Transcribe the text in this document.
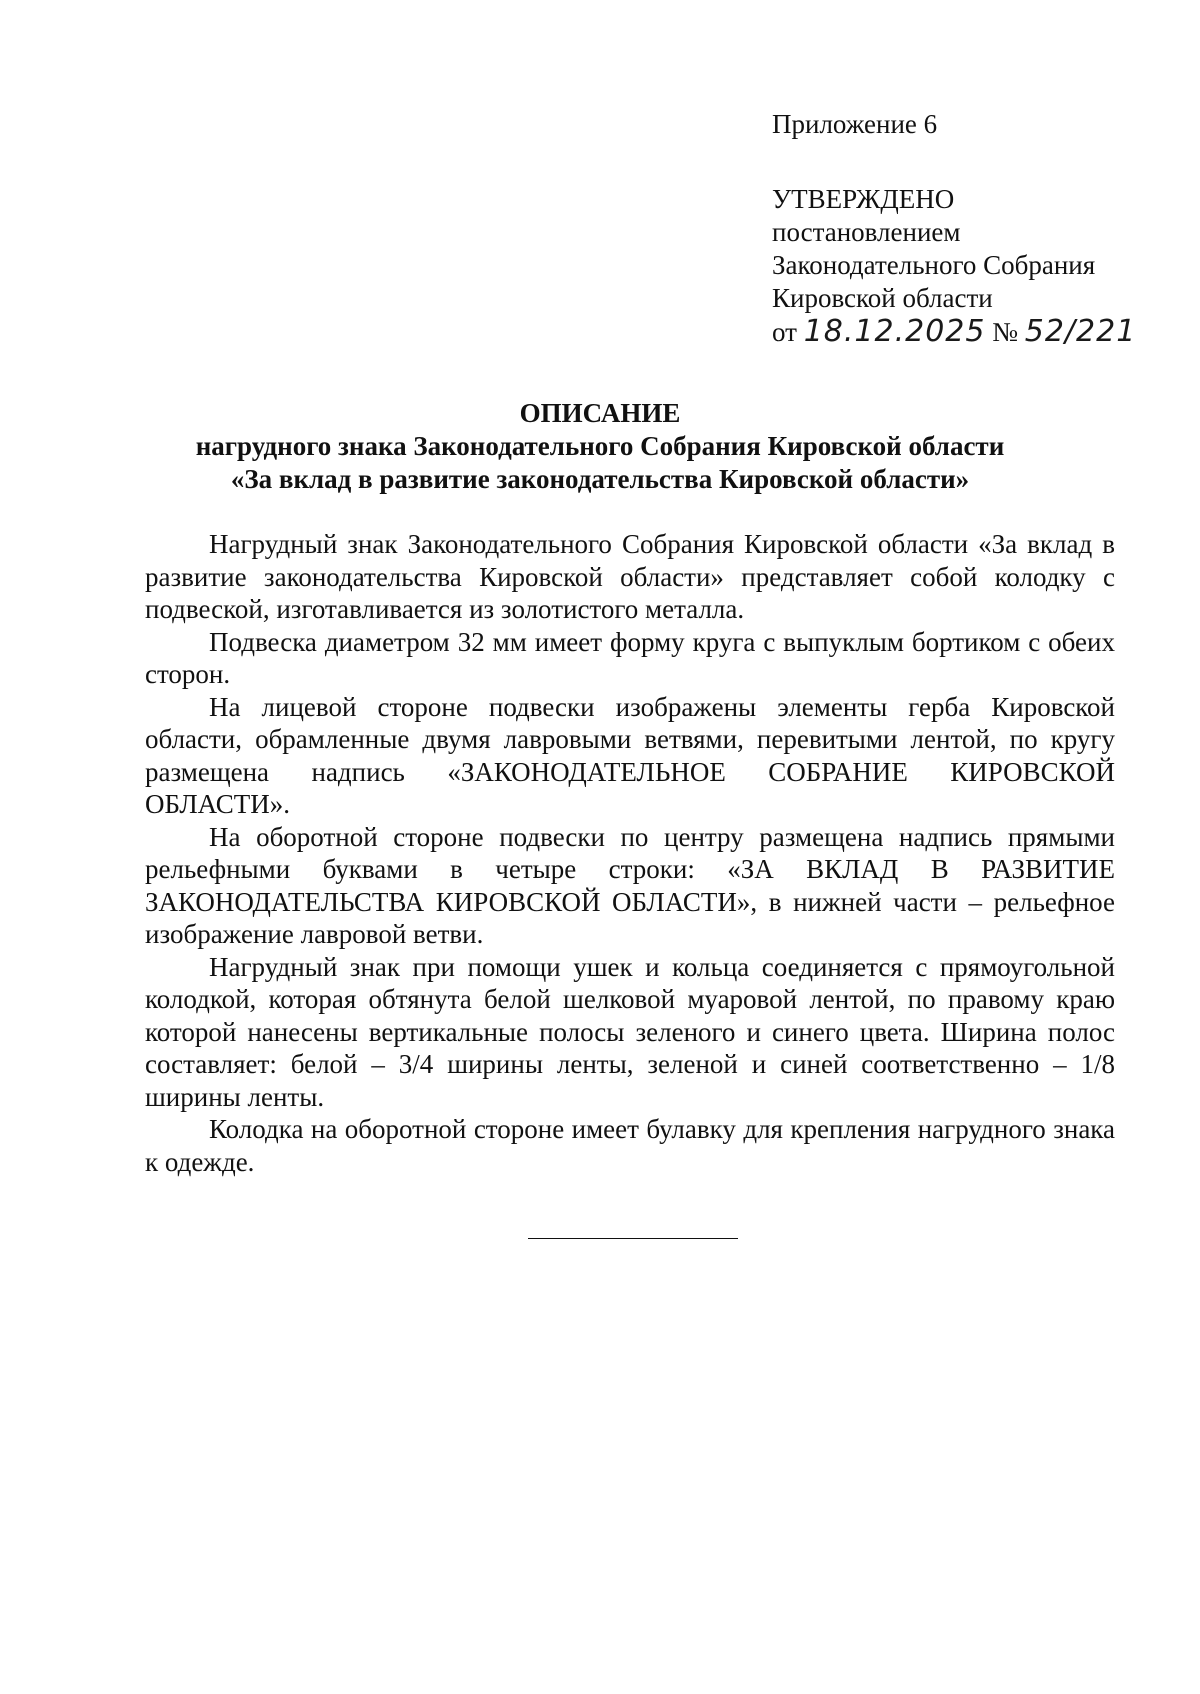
Приложение 6
УТВЕРЖДЕНО
постановлением
Законодательного Собрания
Кировской области
от 18.12.2025 № 52/221
ОПИСАНИЕ
нагрудного знака Законодательного Собрания Кировской области
«За вклад в развитие законодательства Кировской области»

Нагрудный знак Законодательного Собрания Кировской области «За вклад в развитие законодательства Кировской области» представляет собой колодку с подвеской, изготавливается из золотистого металла.

Подвеска диаметром 32 мм имеет форму круга с выпуклым бортиком с обеих сторон.

На лицевой стороне подвески изображены элементы герба Кировской области, обрамленные двумя лавровыми ветвями, перевитыми лентой, по кругу размещена надпись «ЗАКОНОДАТЕЛЬНОЕ СОБРАНИЕ КИРОВСКОЙ ОБЛАСТИ».

На оборотной стороне подвески по центру размещена надпись прямыми рельефными буквами в четыре строки: «ЗА ВКЛАД В РАЗВИТИЕ ЗАКОНОДАТЕЛЬСТВА КИРОВСКОЙ ОБЛАСТИ», в нижней части – рельефное изображение лавровой ветви.

Нагрудный знак при помощи ушек и кольца соединяется с прямоугольной колодкой, которая обтянута белой шелковой муаровой лентой, по правому краю которой нанесены вертикальные полосы зеленого и синего цвета. Ширина полос составляет: белой – 3/4 ширины ленты, зеленой и синей соответственно – 1/8 ширины ленты.

Колодка на оборотной стороне имеет булавку для крепления нагрудного знака к одежде.
